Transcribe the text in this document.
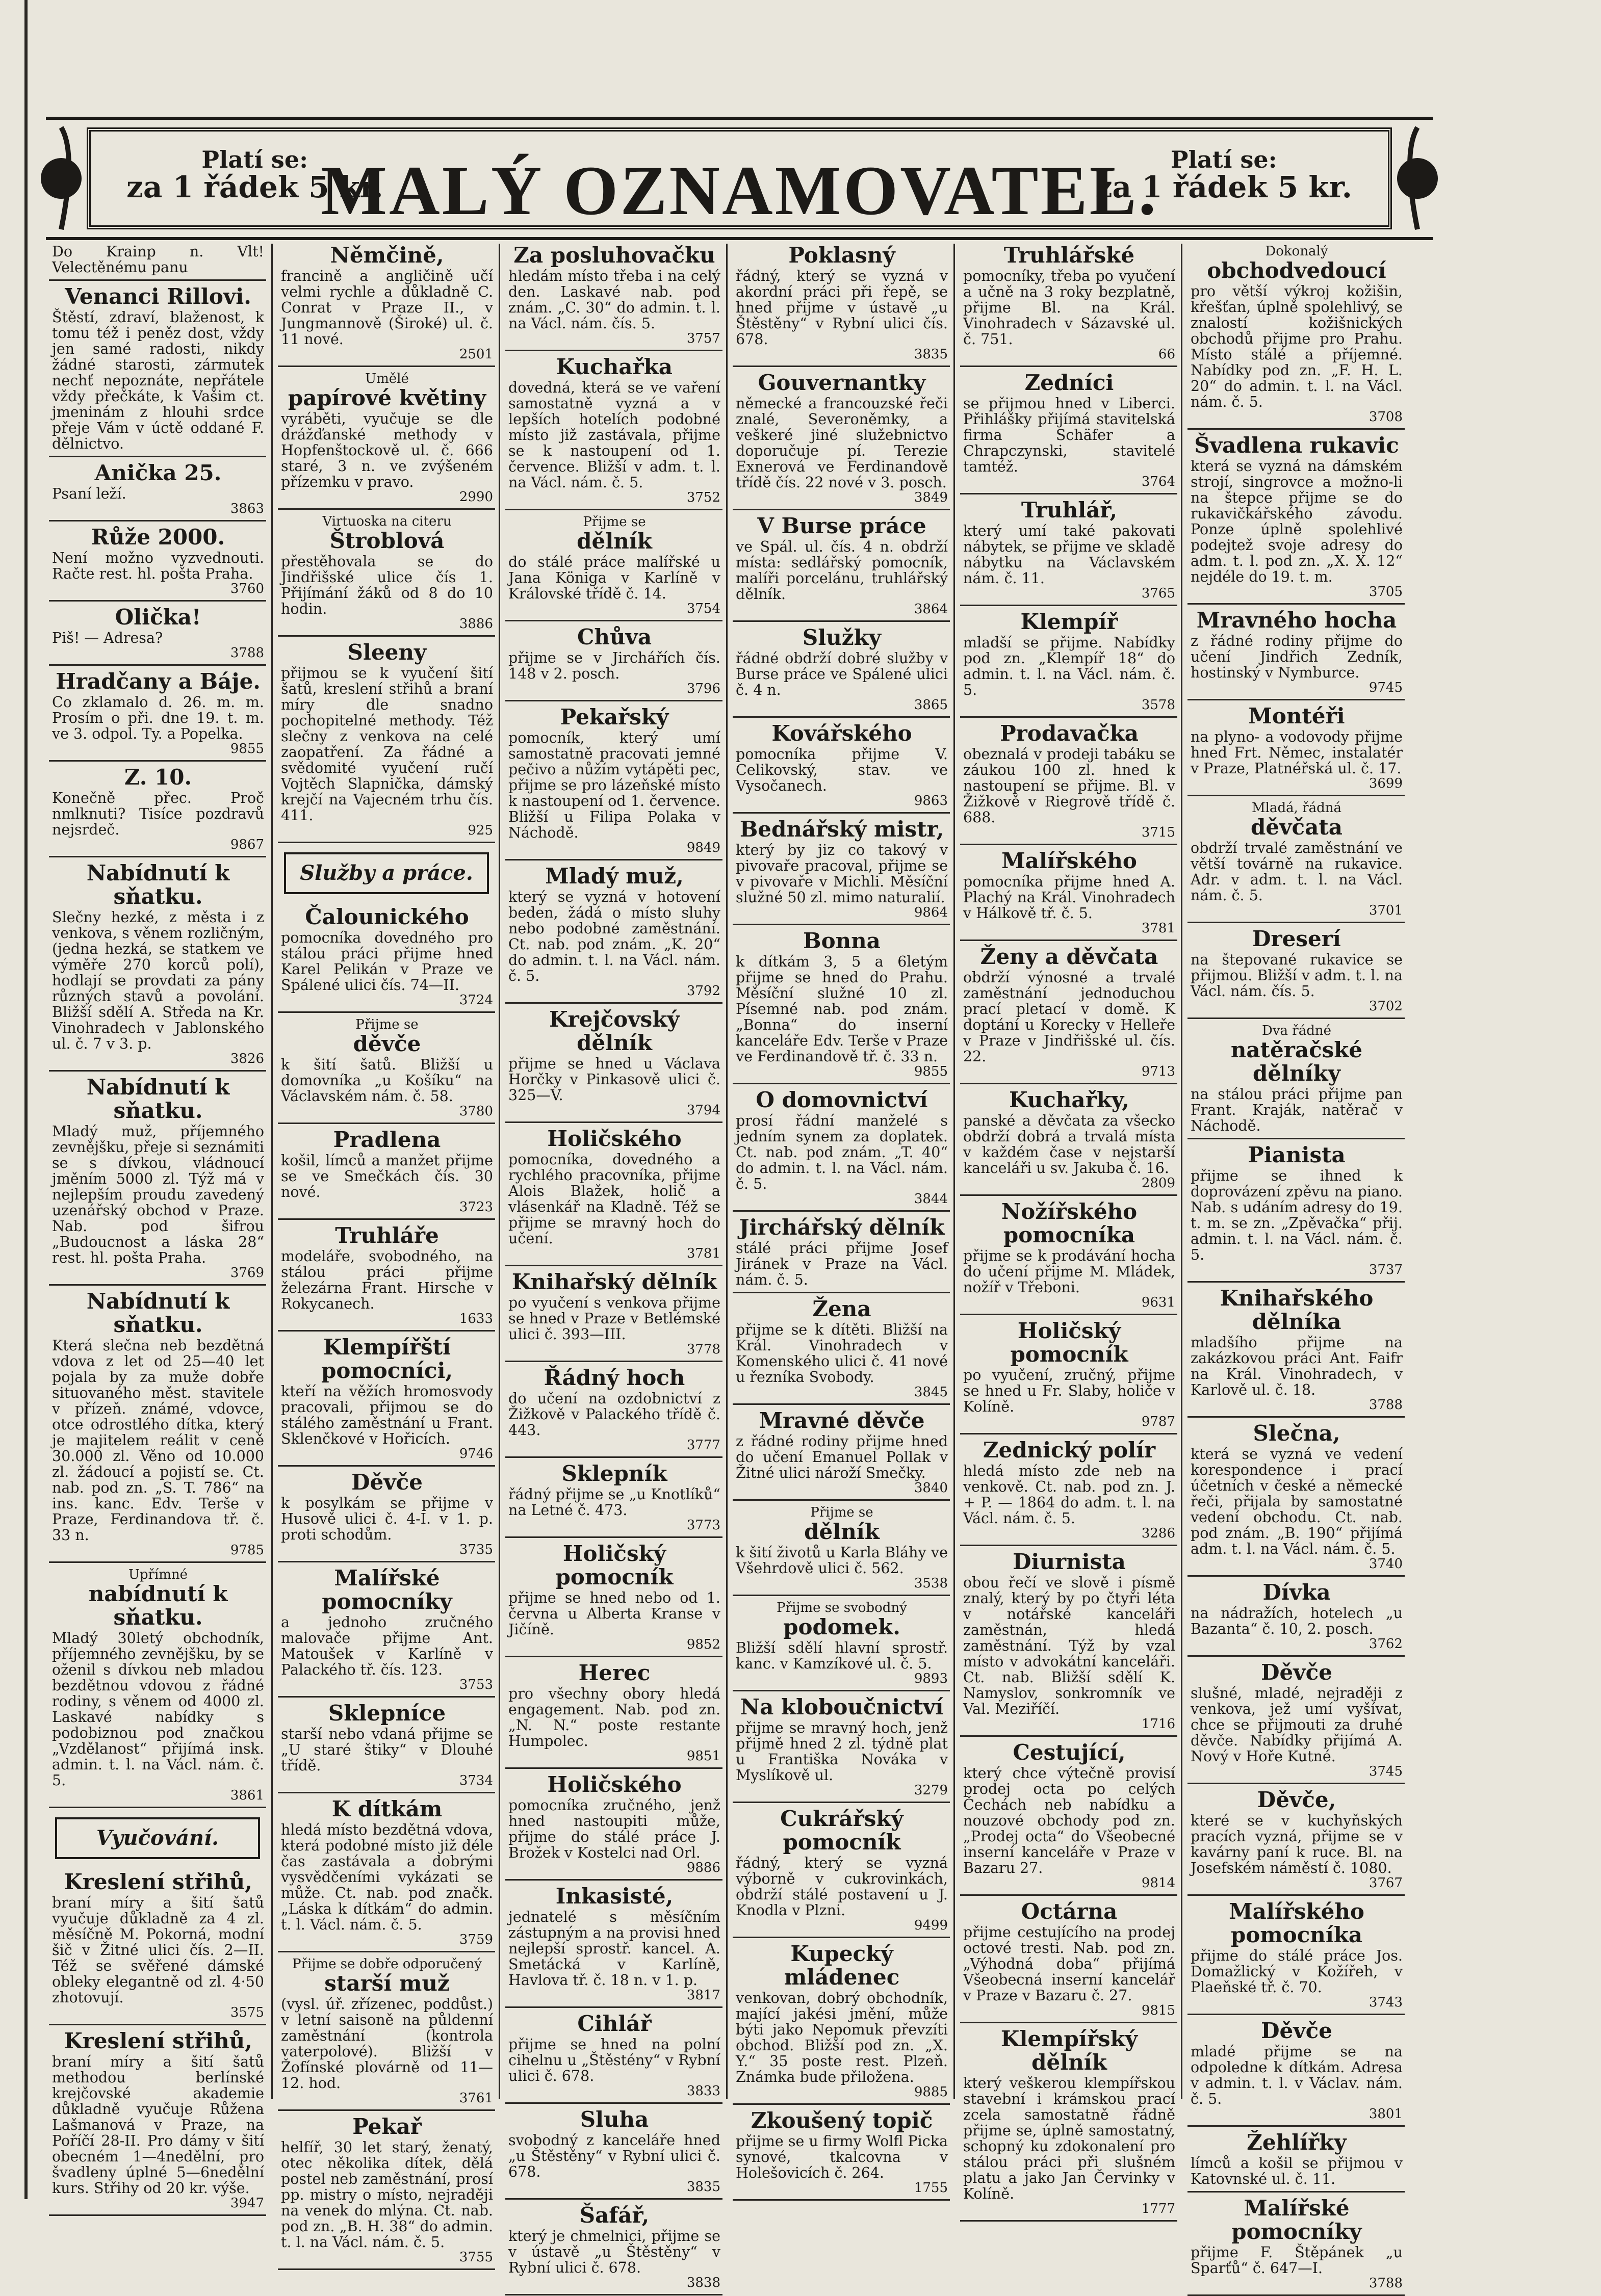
Platí se:
za 1 řádek 5 kr.
MALÝ OZNAMOVATEL. Platí se:
za 1 řádek 5 kr.
Do Krainp n. Vlt! Velectěnému panu
Venanci Rillovi.
Štěstí, zdraví, blaženost, k tomu též i peněz dost, vždy jen samé radosti, nikdy žádné starosti, zármutek nechť nepoznáte, nepřátele vždy přečkáte, k Vašim ct. jmeninám z hlouhi srdce přeje Vám v úctě oddané F. dělnictvo.
Anička 25.
Psaní leží.
3863
Růže 2000.
Není možno vyzvednouti. Račte rest. hl. pošta Praha.
3760
Olička!
Piš! — Adresa?
3788
Hradčany a Báje.
Co zklamalo d. 26. m. m. Prosím o při. dne 19. t. m. ve 3. odpol. Ty. a Popelka.
9855
Z. 10.
Konečně přec. Proč nmlknuti? Tisíce pozdravů nejsrdeč.
9867
Nabídnutí k sňatku.
Slečny hezké, z města i z venkova, s věnem rozličným, (jedna hezká, se statkem ve výměře 270 korců polí), hodlají se provdati za pány různých stavů a povolání. Bližší sdělí A. Středa na Kr. Vinohradech v Jablonského ul. č. 7 v 3. p.
3826
Nabídnutí k sňatku.
Mladý muž, příjemného zevnějšku, přeje si seznámiti se s dívkou, vládnoucí jměním 5000 zl. Týž má v nejlepším proudu zavedený uzenářský obchod v Praze. Nab. pod šifrou „Budoucnost a láska 28“ rest. hl. pošta Praha.
3769
Nabídnutí k sňatku.
Která slečna neb bezdětná vdova z let od 25—40 let pojala by za muže dobře situovaného měst. stavitele v přízeň. známé, vdovce, otce odrostlého dítka, který je majitelem reálit v ceně 30.000 zl. Věno od 10.000 zl. žádoucí a pojistí se. Ct. nab. pod zn. „S. T. 786“ na ins. kanc. Edv. Terše v Praze, Ferdinandova tř. č. 33 n.
9785
Upřímné
nabídnutí k sňatku.
Mladý 30letý obchodník, příjemného zevnějšku, by se oženil s dívkou neb mladou bezdětnou vdovou z řádné rodiny, s věnem od 4000 zl. Laskavé nabídky s podobiznou pod značkou „Vzdělanost“ přijímá insk. admin. t. l. na Václ. nám. č. 5.
3861
Vyučování.
Kreslení střihů,
braní míry a šití šatů vyučuje důkladně za 4 zl. měsíčně M. Pokorná, modní šič v Žitné ulici čís. 2—II. Též se svěřené dámské obleky elegantně od zl. 4·50 zhotovují.
3575
Kreslení střihů,
braní míry a šití šatů methodou berlínské krejčovské akademie důkladně vyučuje Růžena Lašmanová v Praze, na Poříčí 28-II. Pro dámy v šití obecném 1—4nedělní, pro švadleny úplné 5—6nedělní kurs. Střihy od 20 kr. výše.
3947
Němčině,
francině a angličině učí velmi rychle a důkladně C. Conrat v Praze II., v Jungmannově (Široké) ul. č. 11 nové.
2501
Umělé
papírové květiny
vyráběti, vyučuje se dle drážďanské methody v Hopfenštockově ul. č. 666 staré, 3 n. ve zvýšeném přízemku v pravo.
2990
Virtuoska na citeru
Štroblová
přestěhovala se do Jindřišské ulice čís 1. Přijímání žáků od 8 do 10 hodin.
3886
Sleeny
přijmou se k vyučení šití šatů, kreslení střihů a braní míry dle snadno pochopitelné methody. Též slečny z venkova na celé zaopatření. Za řádné a svědomité vyučení ručí Vojtěch Slapnička, dámský krejčí na Vajecném trhu čís. 411.
925
Služby a práce.
Čalounického
pomocníka dovedného pro stálou práci přijme hned Karel Pelikán v Praze ve Spálené ulici čís. 74—II.
3724
Přijme se
děvče
k šití šatů. Bližší u domovníka „u Košíku“ na Václavském nám. č. 58.
3780
Pradlena
košil, límců a manžet přijme se ve Smečkách čís. 30 nové.
3723
Truhláře
modeláře, svobodného, na stálou práci přijme železárna Frant. Hirsche v Rokycanech.
1633
Klempířští pomocníci,
kteří na věžích hromosvody pracovali, přijmou se do stálého zaměstnání u Frant. Sklenčkové v Hořicích.
9746
Děvče
k posylkám se přijme v Husově ulici č. 4-I. v 1. p. proti schodům.
3735
Malířské pomocníky
a jednoho zručného malovače přijme Ant. Matoušek v Karlíně v Palackého tř. čís. 123.
3753
Sklepníce
starší nebo vdaná přijme se „U staré štiky“ v Dlouhé třídě.
3734
K dítkám
hledá místo bezdětná vdova, která podobné místo již déle čas zastávala a dobrými vysvědčeními vykázati se může. Ct. nab. pod značk. „Láska k dítkám“ do admin. t. l. Václ. nám. č. 5.
3759
Přijme se dobře odporučený
starší muž
(vysl. úř. zřízenec, poddůst.) v letní saisoně na půldenní zaměstnání (kontrola vaterpolové). Bližší v Žofínské plovárně od 11—12. hod.
3761
Pekař
helfíř, 30 let starý, ženatý, otec několika dítek, dělá postel neb zaměstnání, prosí pp. mistry o místo, nejraději na venek do mlýna. Ct. nab. pod zn. „B. H. 38“ do admin. t. l. na Václ. nám. č. 5.
3755
Za posluhovačku
hledám místo třeba i na celý den. Laskavé nab. pod znám. „C. 30“ do admin. t. l. na Václ. nám. čís. 5.
3757
Kuchařka
dovedná, která se ve vaření samostatně vyzná a v lepších hotelích podobné místo již zastávala, přijme se k nastoupení od 1. července. Bližší v adm. t. l. na Václ. nám. č. 5.
3752
Přijme se
dělník
do stálé práce malířské u Jana Königa v Karlíně v Královské třídě č. 14.
3754
Chůva
přijme se v Jirchářích čís. 148 v 2. posch.
3796
Pekařský
pomocník, který umí samostatně pracovati jemné pečivo a nůžím vytápěti pec, přijme se pro lázeňské místo k nastoupení od 1. července. Bližší u Filipa Polaka v Náchodě.
9849
Mladý muž,
který se vyzná v hotovení beden, žádá o místo sluhy nebo podobné zaměstnání. Ct. nab. pod znám. „K. 20“ do admin. t. l. na Václ. nám. č. 5.
3792
Krejčovský dělník
přijme se hned u Václava Horčky v Pinkasově ulici č. 325—V.
3794
Holičského
pomocníka, dovedného a rychlého pracovníka, přijme Alois Blažek, holič a vlásenkář na Kladně. Též se přijme se mravný hoch do učení.
3781
Knihařský dělník
po vyučení s venkova přijme se hned v Praze v Betlémské ulici č. 393—III.
3778
Řádný hoch
do učení na ozdobnictví z Žižkově v Palackého třídě č. 443.
3777
Sklepník
řádný přijme se „u Knotlíků“ na Letné č. 473.
3773
Holičský pomocník
přijme se hned nebo od 1. června u Alberta Kranse v Jičíně.
9852
Herec
pro všechny obory hledá engagement. Nab. pod zn. „N. N.“ poste restante Humpolec.
9851
Holičského
pomocníka zručného, jenž hned nastoupiti může, přijme do stálé práce J. Brožek v Kostelci nad Orl.
9886
Inkasisté,
jednatelé s měsíčním zástupným a na provisi hned nejlepší sprostř. kancel. A. Smetácká v Karlíně, Havlova tř. č. 18 n. v 1. p.
3817
Cihlář
přijme se hned na polní cihelnu u „Štěstény“ v Rybní ulici č. 678.
3833
Sluha
svobodný z kanceláře hned „u Štěstěny“ v Rybní ulici č. 678.
3835
Šafář,
který je chmelnici, přijme se v ústavě „u Štěstěny“ v Rybní ulici č. 678.
3838
Poklasný
řádný, který se vyzná v akordní práci při řepě, se hned přijme v ústavě „u Štěstěny“ v Rybní ulici čís. 678.
3835
Gouvernantky
německé a francouzské řeči znalé, Severoněmky, a veškeré jiné služebnictvo doporučuje pí. Terezie Exnerová ve Ferdinandově třídě čís. 22 nové v 3. posch.
3849
V Burse práce
ve Spál. ul. čís. 4 n. obdrží místa: sedlářský pomocník, malíři porcelánu, truhlářský dělník.
3864
Služky
řádné obdrží dobré služby v Burse práce ve Spálené ulici č. 4 n.
3865
Kovářského
pomocníka přijme V. Celikovský, stav. ve Vysočanech.
9863
Bednářský mistr,
který by jiz co takový v pivovaře pracoval, přijme se v pivovaře v Michli. Měsíční služné 50 zl. mimo naturalií.
9864
Bonna
k dítkám 3, 5 a 6letým přijme se hned do Prahu. Měsíční služné 10 zl. Písemné nab. pod znám. „Bonna“ do inserní kanceláře Edv. Terše v Praze ve Ferdinandově tř. č. 33 n.
9855
O domovnictví
prosí řádní manželé s jedním synem za doplatek. Ct. nab. pod znám. „T. 40“ do admin. t. l. na Václ. nám. č. 5.
3844
Jirchářský dělník
stálé práci přijme Josef Jiránek v Praze na Václ. nám. č. 5.
Žena
přijme se k dítěti. Bližší na Král. Vinohradech v Komenského ulici č. 41 nové u řezníka Svobody.
3845
Mravné děvče
z řádné rodiny přijme hned do učení Emanuel Pollak v Žitné ulici nároží Smečky.
3840
Přijme se
dělník
k šití životů u Karla Bláhy ve Všehrdově ulici č. 562.
3538
Přijme se svobodný
podomek.
Bližší sdělí hlavní sprostř. kanc. v Kamzíkové ul. č. 5.
9893
Na kloboučnictví
přijme se mravný hoch, jenž přijmě hned 2 zl. týdně plat u Františka Nováka v Myslíkově ul.
3279
Cukrářský pomocník
řádný, který se vyzná výborně v cukrovinkách, obdrží stálé postavení u J. Knodla v Plzni.
9499
Kupecký mládenec
venkovan, dobrý obchodník, mající jakési jmění, může býti jako Nepomuk převzíti obchod. Bližší pod zn. „X. Y.“ 35 poste rest. Plzeň. Známka bude přiložena.
9885
Zkoušený topič
přijme se u firmy Wolfl Picka synové, tkalcovna v Holešovicích č. 264.
1755
Truhlářské
pomocníky, třeba po vyučení a učně na 3 roky bezplatně, přijme Bl. na Král. Vinohradech v Sázavské ul. č. 751.
66
Zedníci
se přijmou hned v Liberci. Přihlášky přijímá stavitelská firma Schäfer a Chrapczynski, stavitelé tamtéž.
3764
Truhlář,
který umí také pakovati nábytek, se přijme ve skladě nábytku na Václavském nám. č. 11.
3765
Klempíř
mladší se přijme. Nabídky pod zn. „Klempíř 18“ do admin. t. l. na Václ. nám. č. 5.
3578
Prodavačka
obeznalá v prodeji tabáku se záukou 100 zl. hned k nastoupení se přijme. Bl. v Žižkově v Riegrově třídě č. 688.
3715
Malířského
pomocníka přijme hned A. Plachý na Král. Vinohradech v Hálkově tř. č. 5.
3781
Ženy a děvčata
obdrží výnosné a trvalé zaměstnání jednoduchou prací pletací v domě. K doptání u Korecky v Helleře v Praze v Jindřišské ul. čís. 22.
9713
Kuchařky,
panské a děvčata za všecko obdrží dobrá a trvalá místa v každém čase v nejstarší kanceláři u sv. Jakuba č. 16.
2809
Nožířského pomocníka
přijme se k prodávání hocha do učení přijme M. Mládek, nožíř v Třeboni.
9631
Holičský pomocník
po vyučení, zručný, přijme se hned u Fr. Slaby, holiče v Kolíně.
9787
Zednický polír
hledá místo zde neb na venkově. Ct. nab. pod zn. J. + P. — 1864 do adm. t. l. na Václ. nám. č. 5.
3286
Diurnista
obou řečí ve slově i písmě znalý, který by po čtyři léta v notářské kanceláři zaměstnán, hledá zaměstnání. Týž by vzal místo v advokátní kanceláři. Ct. nab. Bližší sdělí K. Namyslov, sonkromník ve Val. Meziříčí.
1716
Cestující,
který chce výtečně provisí prodej octa po celých Čechách neb nabídku a nouzové obchody pod zn. „Prodej octa“ do Všeobecné inserní kanceláře v Praze v Bazaru 27.
9814
Octárna
přijme cestujícího na prodej octové tresti. Nab. pod zn. „Výhodná doba“ přijímá Všeobecná inserní kancelář v Praze v Bazaru č. 27.
9815
Klempířský dělník
který veškerou klempířskou stavební i krámskou prací zcela samostatně řádně přijme se, úplně samostatný, schopný ku zdokonalení pro stálou práci při slušném platu a jako Jan Červinky v Kolíně.
1777
Dokonalý
obchodvedoucí
pro větší výkroj kožišin, křešťan, úplně spolehlivý, se znalostí kožišnických obchodů přijme pro Prahu. Místo stálé a příjemné. Nabídky pod zn. „F. H. L. 20“ do admin. t. l. na Václ. nám. č. 5.
3708
Švadlena rukavic
která se vyzná na dámském strojí, singrovce a možno-li na štepce přijme se do rukavičkářského závodu. Ponze úplně spolehlivé podejtež svoje adresy do adm. t. l. pod zn. „X. X. 12“ nejdéle do 19. t. m.
3705
Mravného hocha
z řádné rodiny přijme do učení Jindřich Zedník, hostinský v Nymburce.
9745
Montéři
na plyno- a vodovody přijme hned Frt. Němec, instalatér v Praze, Platnéřská ul. č. 17.
3699
Mladá, řádná
děvčata
obdrží trvalé zaměstnání ve větší továrně na rukavice. Adr. v adm. t. l. na Václ. nám. č. 5.
3701
Dreserí
na štepované rukavice se přijmou. Bližší v adm. t. l. na Václ. nám. čís. 5.
3702
Dva řádné
natěračské dělníky
na stálou práci přijme pan Frant. Kraják, natěrač v Náchodě.
Pianista
přijme se ihned k doprovázení zpěvu na piano. Nab. s udáním adresy do 19. t. m. se zn. „Zpěvačka“ přij. admin. t. l. na Václ. nám. č. 5.
3737
Knihařského dělníka
mladšího přijme na zakázkovou práci Ant. Faifr na Král. Vinohradech, v Karlově ul. č. 18.
3788
Slečna,
která se vyzná ve vedení korespondence i prací účetních v české a německé řeči, přijala by samostatné vedení obchodu. Ct. nab. pod znám. „B. 190“ přijímá adm. t. l. na Václ. nám. č. 5.
3740
Dívka
na nádražích, hotelech „u Bazanta“ č. 10, 2. posch.
3762
Děvče
slušné, mladé, nejraději z venkova, jež umí vyšívat, chce se přijmouti za druhé děvče. Nabídky přijímá A. Nový v Hoře Kutné.
3745
Děvče,
které se v kuchyňských pracích vyzná, přijme se v kavárny paní k ruce. Bl. na Josefském náměstí č. 1080.
3767
Malířského pomocníka
přijme do stálé práce Jos. Domažlický v Kožířeh, v Plaeňské tř. č. 70.
3743
Děvče
mladé přijme se na odpoledne k dítkám. Adresa v admin. t. l. v Václav. nám. č. 5.
3801
Žehlířky
límců a košil se přijmou v Katovnské ul. č. 11.
Malířské pomocníky
přijme F. Štěpánek „u Sparťů“ č. 647—I.
3788
